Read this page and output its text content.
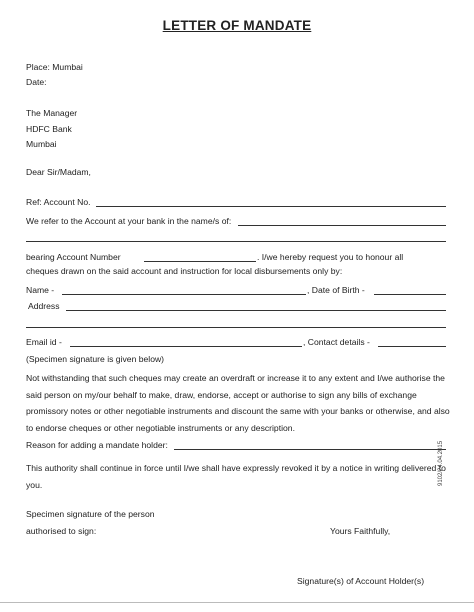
LETTER OF MANDATE
Place: Mumbai
Date:
The Manager
HDFC Bank
Mumbai
Dear Sir/Madam,
Ref: Account No.
We refer to the Account at your bank in the name/s of:
bearing Account Number	. I/we hereby request you to honour all
cheques drawn on the said account and instruction for local disbursements only by:
Name -	, Date of Birth -
Address
Email id -	, Contact details -
(Specimen signature is given below)
Not withstanding that such cheques may create an overdraft or increase it to any extent and I/we authorise the said person on my/our behalf to make, draw, endorse, accept or authorise to sign any bills of exchange promissory notes or other negotiable instruments and discount the same with your banks or otherwise, and also to endorse cheques or other negotiable instruments or any description.
Reason for adding a mandate holder:
This authority shall continue in force until I/we shall have expressly revoked it by a notice in writing delivered to you.
Specimen signature of the person
authorised to sign:	Yours Faithfully,
Signature(s) of Account Holder(s)
9102/24.04.2015
